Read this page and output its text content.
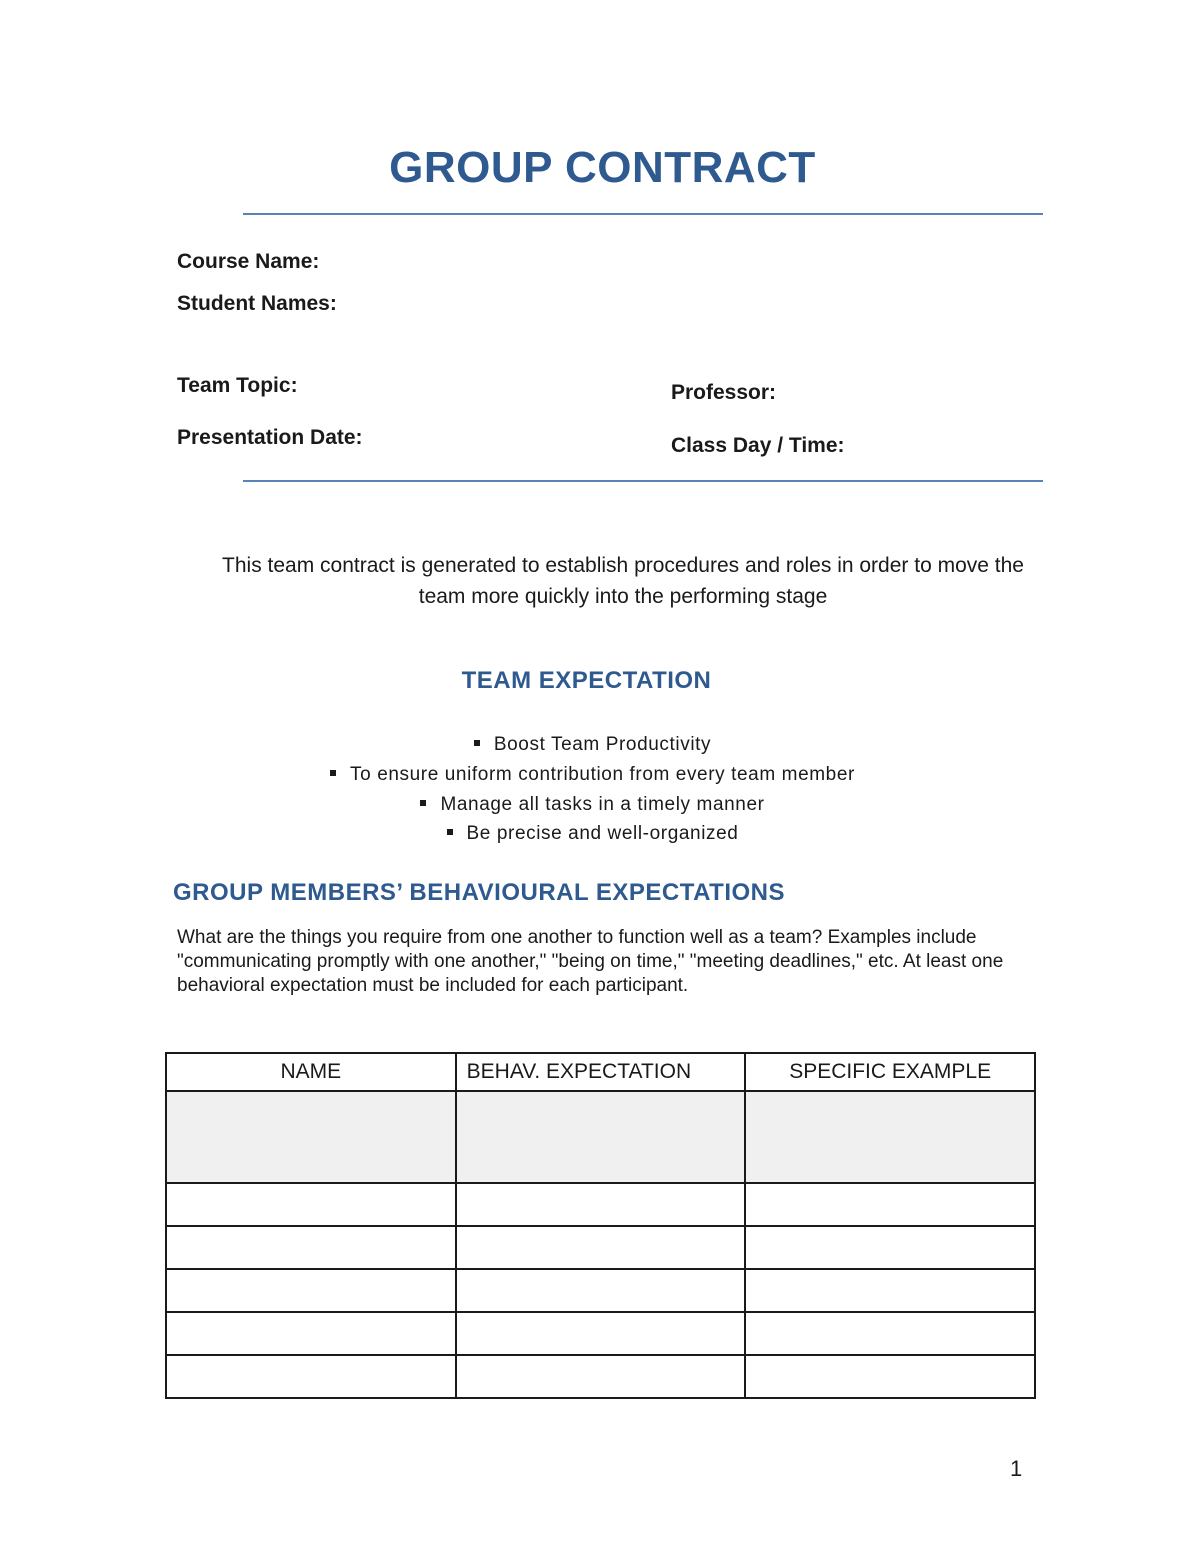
GROUP CONTRACT
Course Name:
Student Names:
Team Topic:
Presentation Date:
Professor:
Class Day / Time:
This team contract is generated to establish procedures and roles in order to move the team more quickly into the performing stage
TEAM EXPECTATION
Boost Team Productivity
To ensure uniform contribution from every team member
Manage all tasks in a timely manner
Be precise and well-organized
GROUP MEMBERS’ BEHAVIOURAL EXPECTATIONS
What are the things you require from one another to function well as a team? Examples include "communicating promptly with one another," "being on time," "meeting deadlines," etc. At least one behavioral expectation must be included for each participant.
NAME	BEHAV. EXPECTATION	SPECIFIC EXAMPLE

1
